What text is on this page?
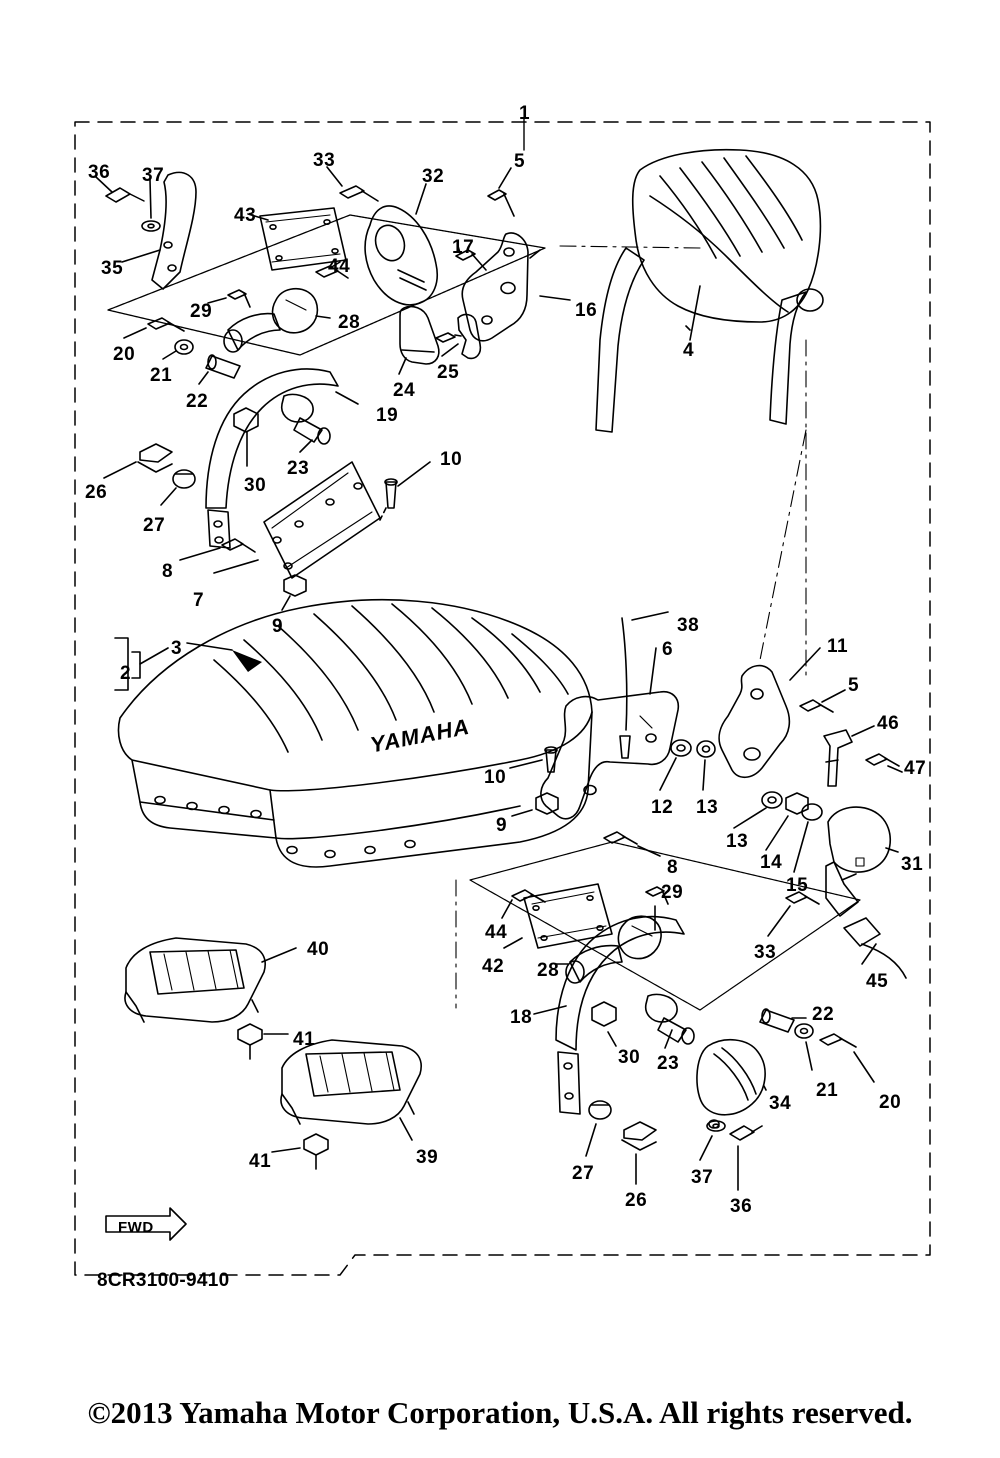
YAMAHA
FWD
8CR3100-9410
©2013 Yamaha Motor Corporation, U.S.A. All rights reserved.
1
36 37
33
32
5
43
17
35	44
16
4
29
28
20
21
22
24
25
19
30
23
26
27
10
8
7
9	38
6	11
3
2
5
46
47
12 13
10
9
13
14
15
31
8
29
44
42
33
45
28
40
22
18
41
30 23
21
20
34
39
41
27	37
26	36
